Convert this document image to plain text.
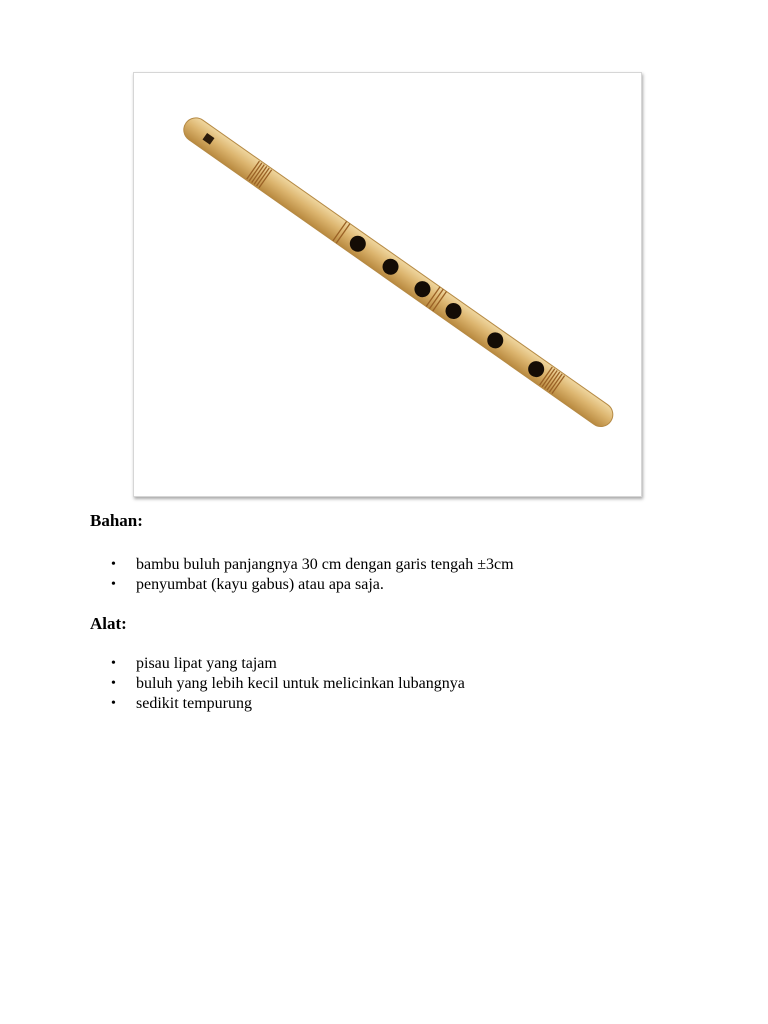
Bahan:
• bambu buluh panjangnya 30 cm dengan garis tengah ±3cm
• penyumbat (kayu gabus) atau apa saja.
Alat:
• pisau lipat yang tajam
• buluh yang lebih kecil untuk melicinkan lubangnya
• sedikit tempurung
